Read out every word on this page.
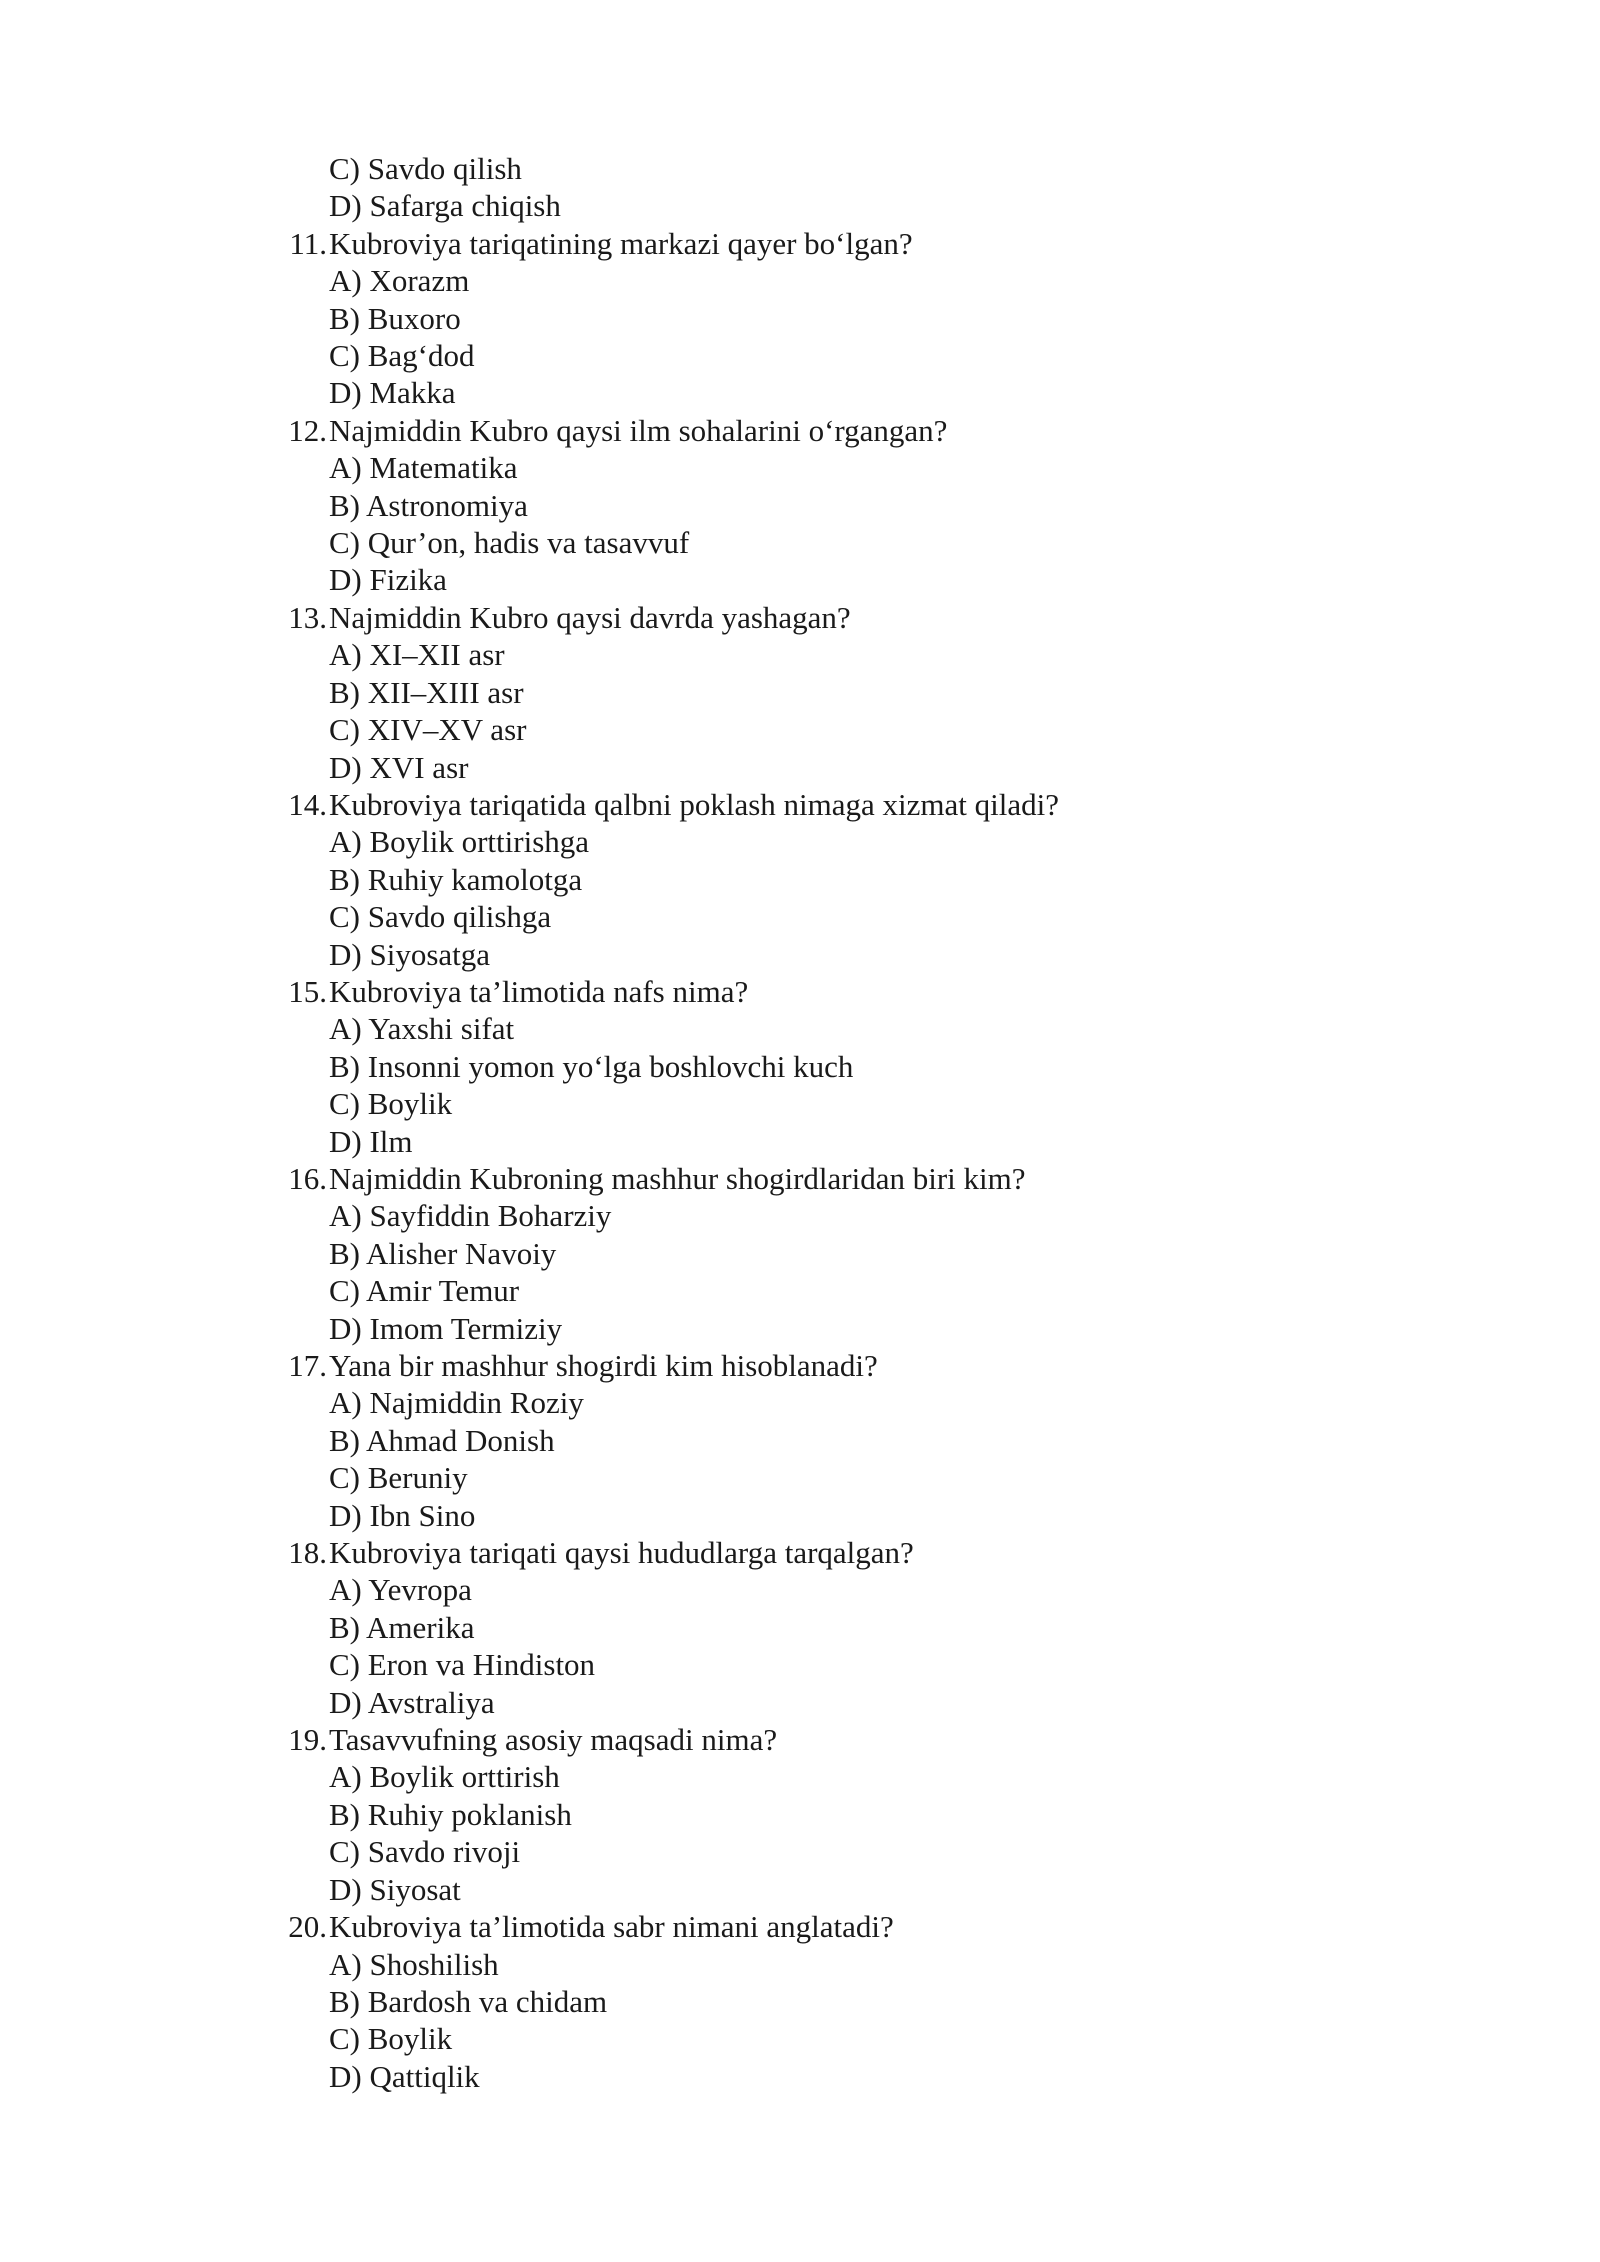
C) Savdo qilish
D) Safarga chiqish
11. Kubroviya tariqatining markazi qayer bo‘lgan?
A) Xorazm
B) Buxoro
C) Bag‘dod
D) Makka
12. Najmiddin Kubro qaysi ilm sohalarini o‘rgangan?
A) Matematika
B) Astronomiya
C) Qur’on, hadis va tasavvuf
D) Fizika
13. Najmiddin Kubro qaysi davrda yashagan?
A) XI–XII asr
B) XII–XIII asr
C) XIV–XV asr
D) XVI asr
14. Kubroviya tariqatida qalbni poklash nimaga xizmat qiladi?
A) Boylik orttirishga
B) Ruhiy kamolotga
C) Savdo qilishga
D) Siyosatga
15. Kubroviya ta’limotida nafs nima?
A) Yaxshi sifat
B) Insonni yomon yo‘lga boshlovchi kuch
C) Boylik
D) Ilm
16. Najmiddin Kubroning mashhur shogirdlaridan biri kim?
A) Sayfiddin Boharziy
B) Alisher Navoiy
C) Amir Temur
D) Imom Termiziy
17. Yana bir mashhur shogirdi kim hisoblanadi?
A) Najmiddin Roziy
B) Ahmad Donish
C) Beruniy
D) Ibn Sino
18. Kubroviya tariqati qaysi hududlarga tarqalgan?
A) Yevropa
B) Amerika
C) Eron va Hindiston
D) Avstraliya
19. Tasavvufning asosiy maqsadi nima?
A) Boylik orttirish
B) Ruhiy poklanish
C) Savdo rivoji
D) Siyosat
20. Kubroviya ta’limotida sabr nimani anglatadi?
A) Shoshilish
B) Bardosh va chidam
C) Boylik
D) Qattiqlik
